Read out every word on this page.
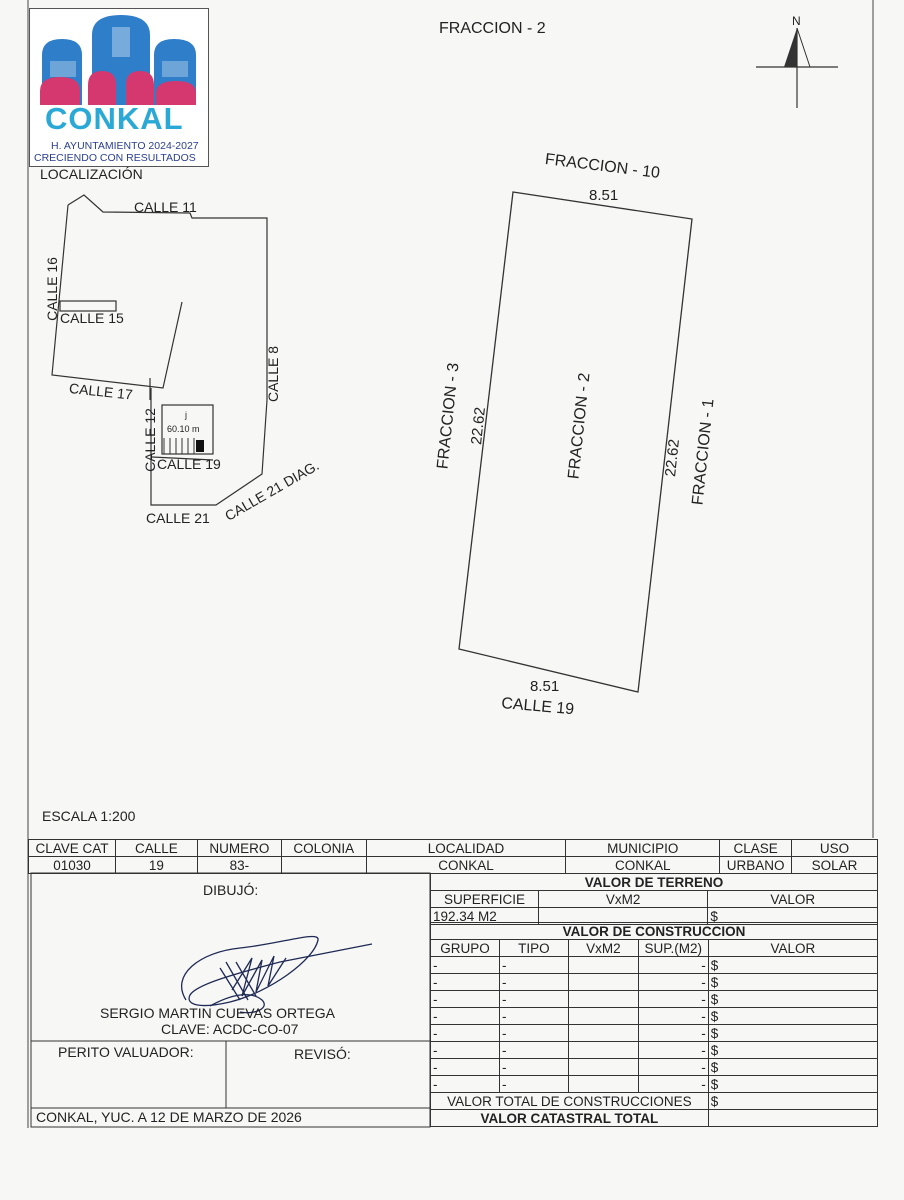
N
FRACCION - 2
CONKAL
H. AYUNTAMIENTO 2024-2027
CRECIENDO CON RESULTADOS
LOCALIZACIÓN
CALLE 11
CALLE 16 CALLE 15
CALLE 17	CALLE 8
CALLE 12	j
60.10 m
CALLE 19
CALLE 21 CALLE 21 DIAG.
FRACCION - 10
8.51
FRACCION - 3 22.62	FRACCION - 2	22.62 FRACCION - 1
8.51
CALLE 19
ESCALA 1:200
CLAVE CAT	CALLE	NUMERO	COLONIA	LOCALIDAD	MUNICIPIO	CLASE	USO
01030	19	83-		CONKAL	CONKAL	URBANO	SOLAR
DIBUJÓ:
SERGIO MARTIN CUEVAS ORTEGA
CLAVE: ACDC-CO-07
PERITO VALUADOR:	REVISÓ:
CONKAL, YUC. A 12 DE MARZO DE 2026
VALOR DE TERRENO		
SUPERFICIE	VxM2	VALOR
192.34 M2		$
VALOR DE CONSTRUCCION				
GRUPO	TIPO	VxM2	SUP.(M2)	VALOR
-	-		-	$
-	-		-	$
-	-		-	$
-	-		-	$
-	-		-	$
-	-		-	$
-	-		-	$
-	-		-	$
VALOR TOTAL DE CONSTRUCCIONES				$
VALOR CATASTRAL TOTAL				
